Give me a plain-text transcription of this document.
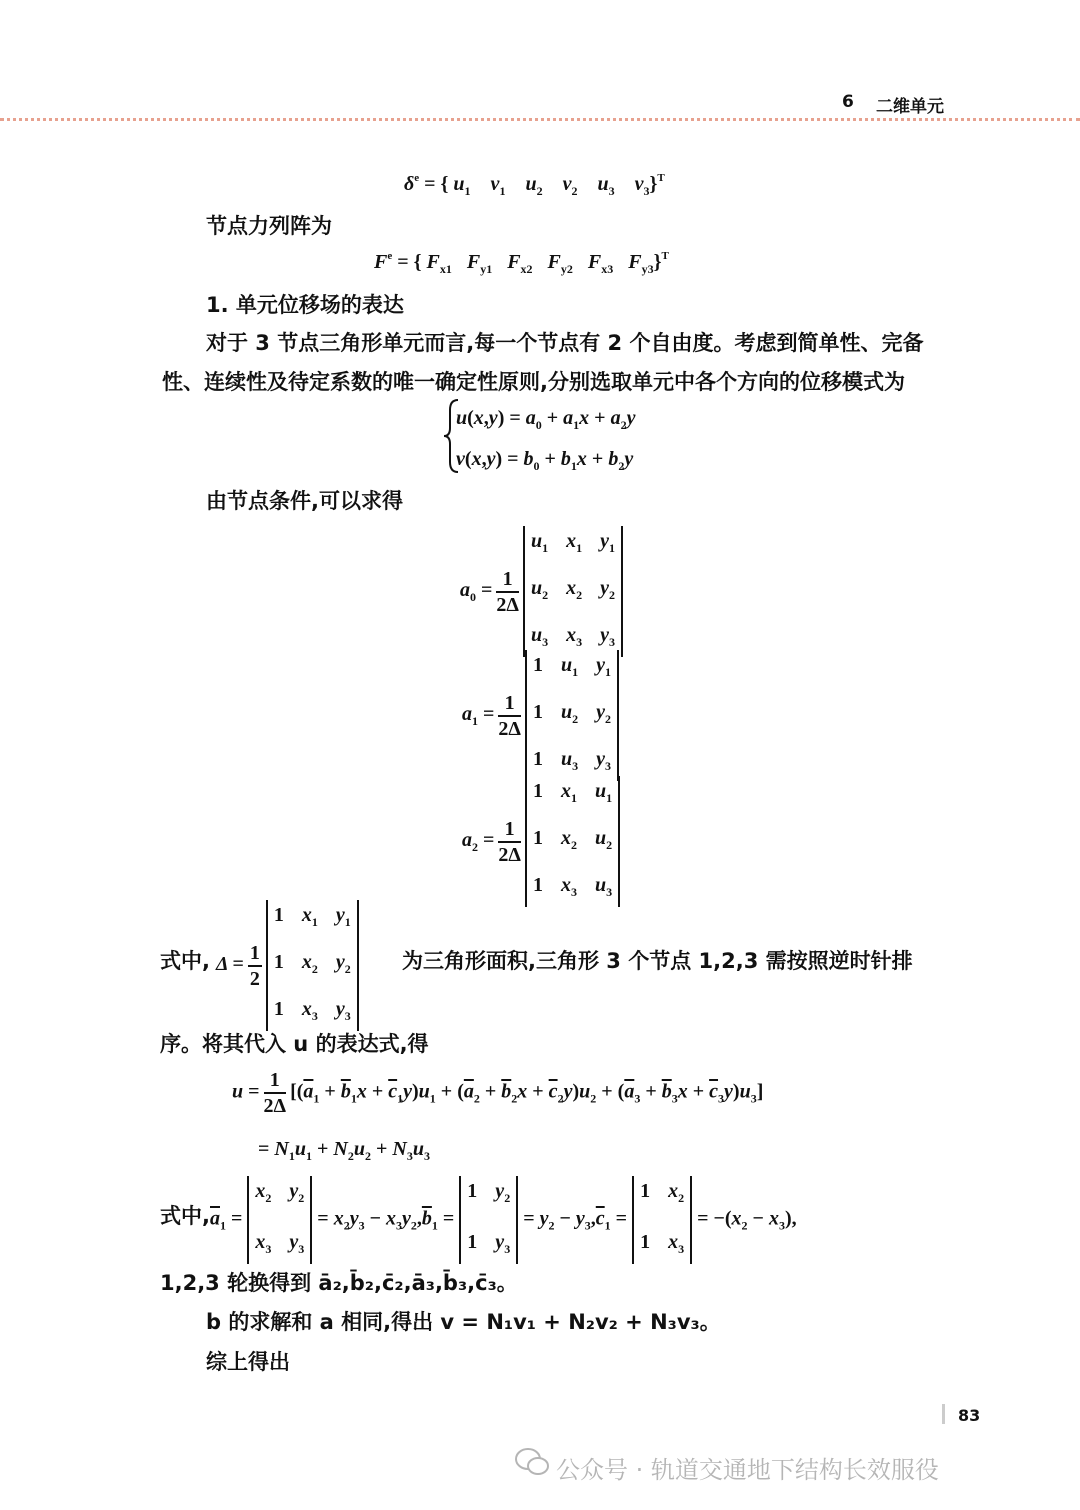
6 二维单元
$\delta^e$ = { $u_1$    $v_1$    $u_2$    $v_2$    $u_3$    $v_3\}^T$
节点力列阵为
$F^e$ = { $F_{x1}$   $F_{y1}$   $F_{x2}$   $F_{y2}$   $F_{x3}$   $F_{y3}\}^T$
1. 单元位移场的表达
对于 3 节点三角形单元而言,每一个节点有 2 个自由度。考虑到简单性、完备
性、连续性及待定系数的唯一确定性原则,分别选取单元中各个方向的位移模式为
$u(x,y) = a_0 + a_1x + a_2y$
$v(x,y) = b_0 + b_1x + b_2y$
由节点条件,可以求得
$a_0 = \frac{1}{2\Delta}$
$u_1$ $x_1$ $y_1$
$u_2$ $x_2$ $y_2$
$u_3$ $x_3$ $y_3$
$a_1 = \frac{1}{2\Delta}$
1 $u_1$ $y_1$
1 $u_2$ $y_2$
1 $u_3$ $y_3$
$a_2 = \frac{1}{2\Delta}$
1 $x_1$ $u_1$
1 $x_2$ $u_2$
1 $x_3$ $u_3$
式中, $\Delta = \frac{1}{2}$
1 $x_1$ $y_1$
1 $x_2$ $y_2$
1 $x_3$ $y_3$
为三角形面积,三角形 3 个节点 1,2,3 需按照逆时针排
序。将其代入 u 的表达式,得
$u = \frac{1}{2\Delta} [(\overline{a}_1 + \overline{b}_1x + \overline{c}_1y)u_1 + (\overline{a}_2 + \overline{b}_2x + \overline{c}_2y)u_2 + (\overline{a}_3 + \overline{b}_3x + \overline{c}_3y)u_3]$
= $N_1u_1 + N_2u_2 + N_3u_3$
式中, $\overline{a}_1$ =
$x_2$ $y_2$
$x_3$ $y_3$
= $x_2y_3 - x_3y_2,\overline{b}_1$ =
1 $y_2$
1 $y_3$
= $y_2 - y_3,\overline{c}_1$ =
1 $x_2$
1 $x_3$
= $-(x_2 - x_3)$,
1,2,3 轮换得到 ā₂,b̄₂,c̄₂,ā₃,b̄₃,c̄₃。
b 的求解和 a 相同,得出 v = N₁v₁ + N₂v₂ + N₃v₃。
综上得出
83
公众号 · 轨道交通地下结构长效服役
